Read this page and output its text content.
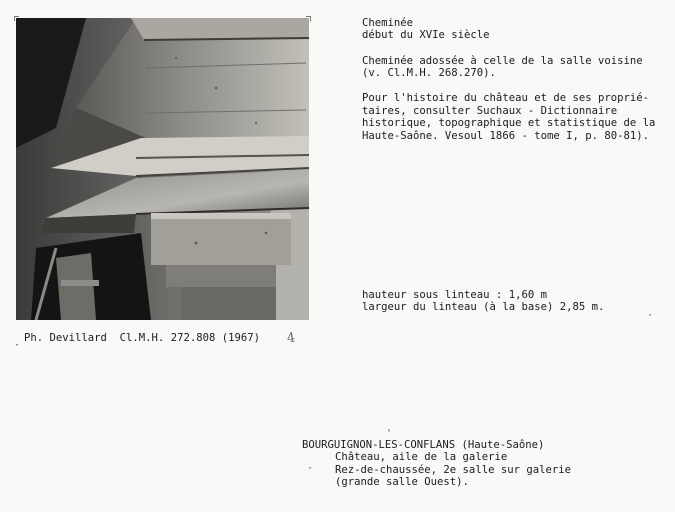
Cheminée
début du XVIe siècle
Cheminée adossée à celle de la salle voisine
(v. Cl.M.H. 268.270).
Pour l'histoire du château et de ses proprié-
taires, consulter Suchaux - Dictionnaire
historique, topographique et statistique de la
Haute-Saône. Vesoul 1866 - tome I, p. 80-81).
hauteur sous linteau : 1,60 m
largeur du linteau (à la base) 2,85 m.
·
Ph. Devillard  Cl.M.H. 272.808 (1967) 4
·
'
BOURGUIGNON-LES-CONFLANS (Haute-Saône)
Château, aile de la galerie
· Rez-de-chaussée, 2e salle sur galerie
(grande salle Ouest).
